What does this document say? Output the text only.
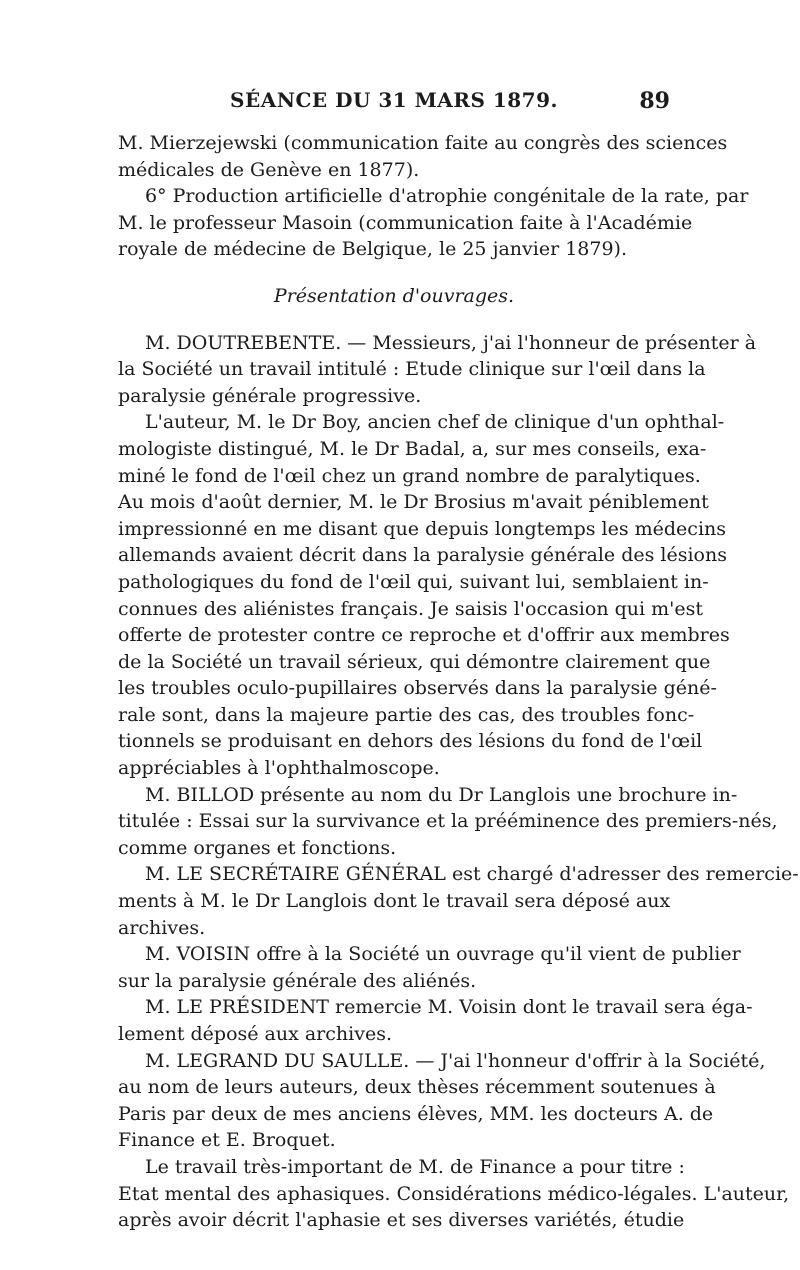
SÉANCE DU 31 MARS 1879.	89
M. Mierzejewski (communication faite au congrès des sciences
médicales de Genève en 1877).
6° Production artificielle d'atrophie congénitale de la rate, par
M. le professeur Masoin (communication faite à l'Académie
royale de médecine de Belgique, le 25 janvier 1879).
Présentation d'ouvrages.
M. DOUTREBENTE. — Messieurs, j'ai l'honneur de présenter à
la Société un travail intitulé : Etude clinique sur l'œil dans la
paralysie générale progressive.
L'auteur, M. le Dr Boy, ancien chef de clinique d'un ophthal-
mologiste distingué, M. le Dr Badal, a, sur mes conseils, exa-
miné le fond de l'œil chez un grand nombre de paralytiques.
Au mois d'août dernier, M. le Dr Brosius m'avait péniblement
impressionné en me disant que depuis longtemps les médecins
allemands avaient décrit dans la paralysie générale des lésions
pathologiques du fond de l'œil qui, suivant lui, semblaient in-
connues des aliénistes français. Je saisis l'occasion qui m'est
offerte de protester contre ce reproche et d'offrir aux membres
de la Société un travail sérieux, qui démontre clairement que
les troubles oculo-pupillaires observés dans la paralysie géné-
rale sont, dans la majeure partie des cas, des troubles fonc-
tionnels se produisant en dehors des lésions du fond de l'œil
appréciables à l'ophthalmoscope.
M. BILLOD présente au nom du Dr Langlois une brochure in-
titulée : Essai sur la survivance et la prééminence des premiers-nés,
comme organes et fonctions.
M. LE SECRÉTAIRE GÉNÉRAL est chargé d'adresser des remercie-
ments à M. le Dr Langlois dont le travail sera déposé aux
archives.
M. VOISIN offre à la Société un ouvrage qu'il vient de publier
sur la paralysie générale des aliénés.
M. LE PRÉSIDENT remercie M. Voisin dont le travail sera éga-
lement déposé aux archives.
M. LEGRAND DU SAULLE. — J'ai l'honneur d'offrir à la Société,
au nom de leurs auteurs, deux thèses récemment soutenues à
Paris par deux de mes anciens élèves, MM. les docteurs A. de
Finance et E. Broquet.
Le travail très-important de M. de Finance a pour titre :
Etat mental des aphasiques. Considérations médico-légales. L'auteur,
après avoir décrit l'aphasie et ses diverses variétés, étudie
